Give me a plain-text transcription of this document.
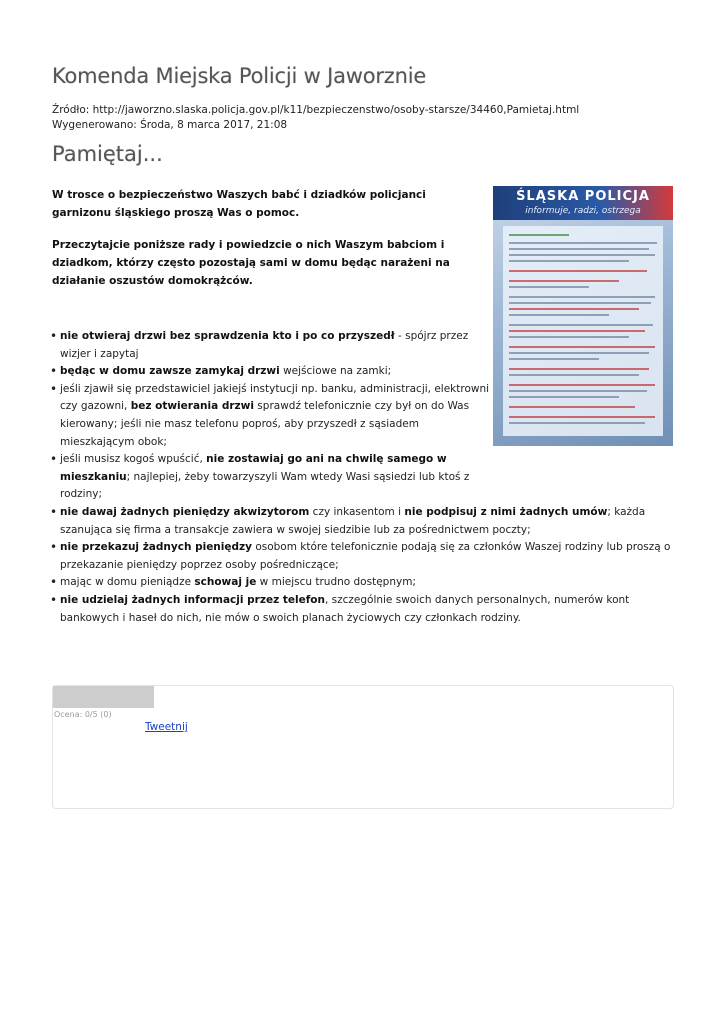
Komenda Miejska Policji w Jaworznie
Źródło: http://jaworzno.slaska.policja.gov.pl/k11/bezpieczenstwo/osoby-starsze/34460,Pamietaj.html
Wygenerowano: Środa, 8 marca 2017, 21:08
Pamiętaj...

W trosce o bezpieczeństwo Waszych babć i dziadków policjanci garnizonu śląskiego proszą Was o pomoc.

Przeczytajcie poniższe rady i powiedzcie o nich Waszym babciom i dziadkom, którzy często pozostają sami w domu będąc narażeni na działanie oszustów domokrążców.

ŚLĄSKA POLICJA
informuje, radzi, ostrzega
• nie otwieraj drzwi bez sprawdzenia kto i po co przyszedł - spójrz przez wizjer i zapytaj
• będąc w domu zawsze zamykaj drzwi wejściowe na zamki;
• jeśli zjawił się przedstawiciel jakiejś instytucji np. banku, administracji, elektrowni czy gazowni, bez otwierania drzwi sprawdź telefonicznie czy był on do Was kierowany; jeśli nie masz telefonu poproś, aby przyszedł z sąsiadem mieszkającym obok;
• jeśli musisz kogoś wpuścić, nie zostawiaj go ani na chwilę samego w mieszkaniu; najlepiej, żeby towarzyszyli Wam wtedy Wasi sąsiedzi lub ktoś z rodziny;
• nie dawaj żadnych pieniędzy akwizytorom czy inkasentom i nie podpisuj z nimi żadnych umów; każda szanująca się firma a transakcje zawiera w swojej siedzibie lub za pośrednictwem poczty;
• nie przekazuj żadnych pieniędzy osobom które telefonicznie podają się za członków Waszej rodziny lub proszą o przekazanie pieniędzy poprzez osoby pośredniczące;
• mając w domu pieniądze schowaj je w miejscu trudno dostępnym;
• nie udzielaj żadnych informacji przez telefon, szczególnie swoich danych personalnych, numerów kont bankowych i haseł do nich, nie mów o swoich planach życiowych czy członkach rodziny.
Ocena: 0/5 (0)
Tweetnij
